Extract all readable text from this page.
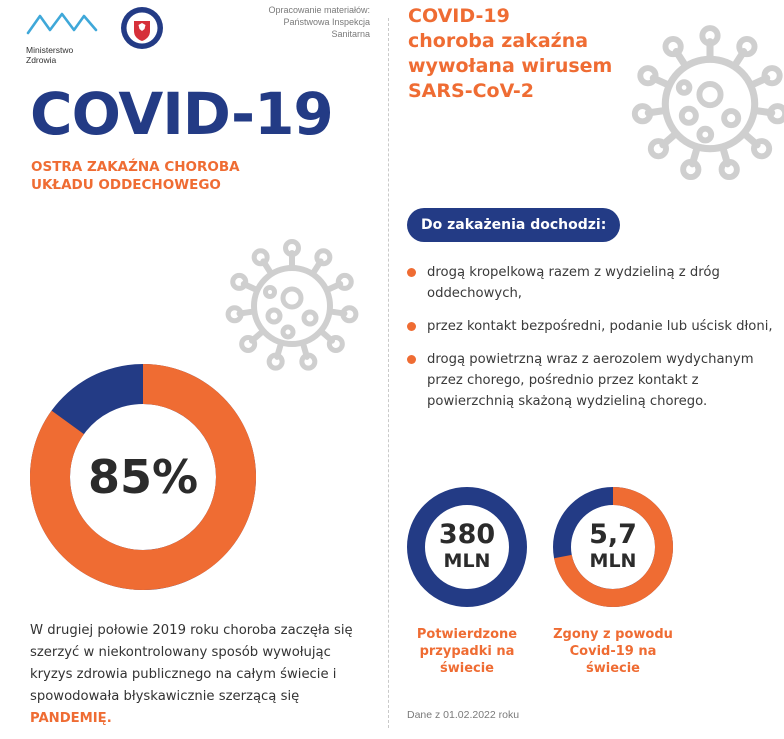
Ministerstwo Zdrowia
Opracowanie materiałów:
Państwowa Inspekcja
Sanitarna
COVID-19
OSTRA ZAKAŹNA CHOROBA
UKŁADU ODDECHOWEGO
85%
W drugiej połowie 2019 roku choroba zaczęła się szerzyć w niekontrolowany sposób wywołując kryzys zdrowia publicznego na całym świecie i spowodowała błyskawicznie szerzącą się PANDEMIĘ.
COVID-19
choroba zakaźna
wywołana wirusem
SARS-CoV-2
Do zakażenia dochodzi:
drogą kropelkową razem z wydzieliną z dróg oddechowych,
przez kontakt bezpośredni, podanie lub uścisk dłoni,
drogą powietrzną wraz z aerozolem wydychanym przez chorego, pośrednio przez kontakt z powierzchnią skażoną wydzieliną chorego.
380
MLN
Potwierdzone
przypadki na
świecie
5,7
MLN
Zgony z powodu
Covid-19 na
świecie
Dane z 01.02.2022 roku
